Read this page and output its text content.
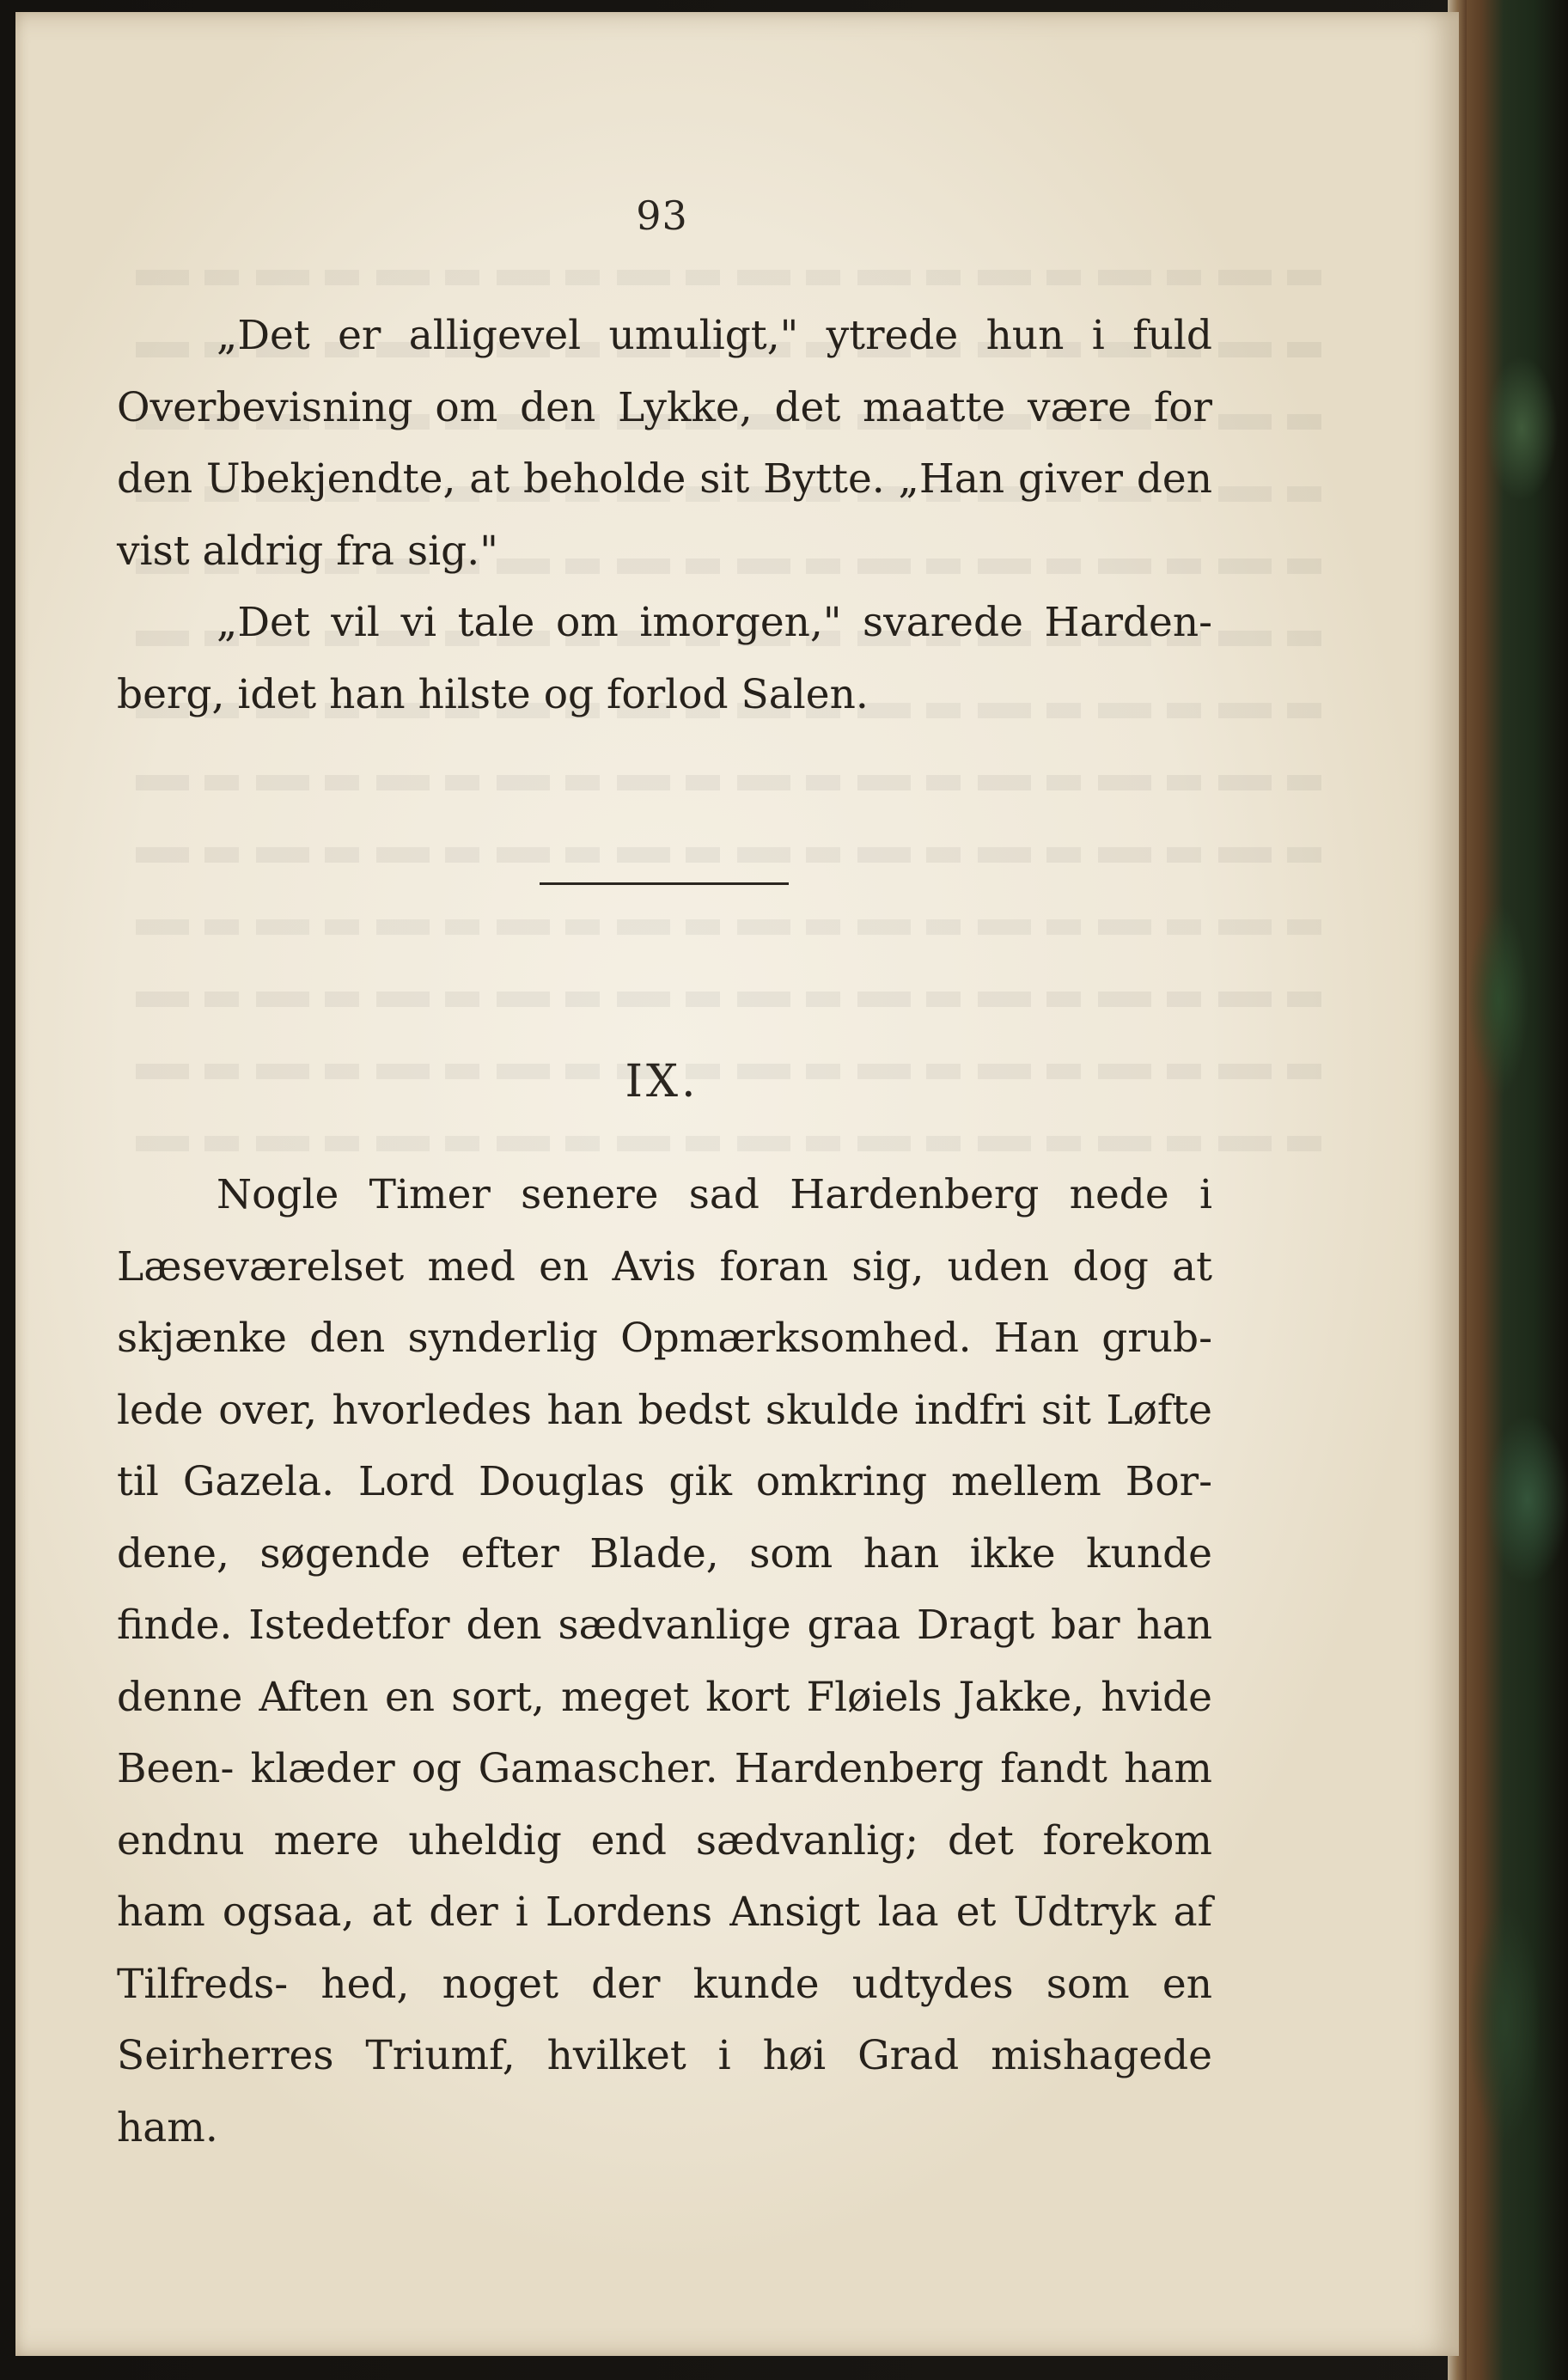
93

„Det er alligevel umuligt," ytrede hun i fuld Overbevisning om den Lykke, det maatte være for den Ubekjendte, at beholde sit Bytte. „Han giver den vist aldrig fra sig."

„Det vil vi tale om imorgen," svarede Harden- berg, idet han hilste og forlod Salen.

IX.

Nogle Timer senere sad Hardenberg nede i Læseværelset med en Avis foran sig, uden dog at skjænke den synderlig Opmærksomhed. Han grub- lede over, hvorledes han bedst skulde indfri sit Løfte til Gazela. Lord Douglas gik omkring mellem Bor- dene, søgende efter Blade, som han ikke kunde finde. Istedetfor den sædvanlige graa Dragt bar han denne Aften en sort, meget kort Fløiels Jakke, hvide Been- klæder og Gamascher. Hardenberg fandt ham endnu mere uheldig end sædvanlig; det forekom ham ogsaa, at der i Lordens Ansigt laa et Udtryk af Tilfreds- hed, noget der kunde udtydes som en Seirherres Triumf, hvilket i høi Grad mishagede ham.
